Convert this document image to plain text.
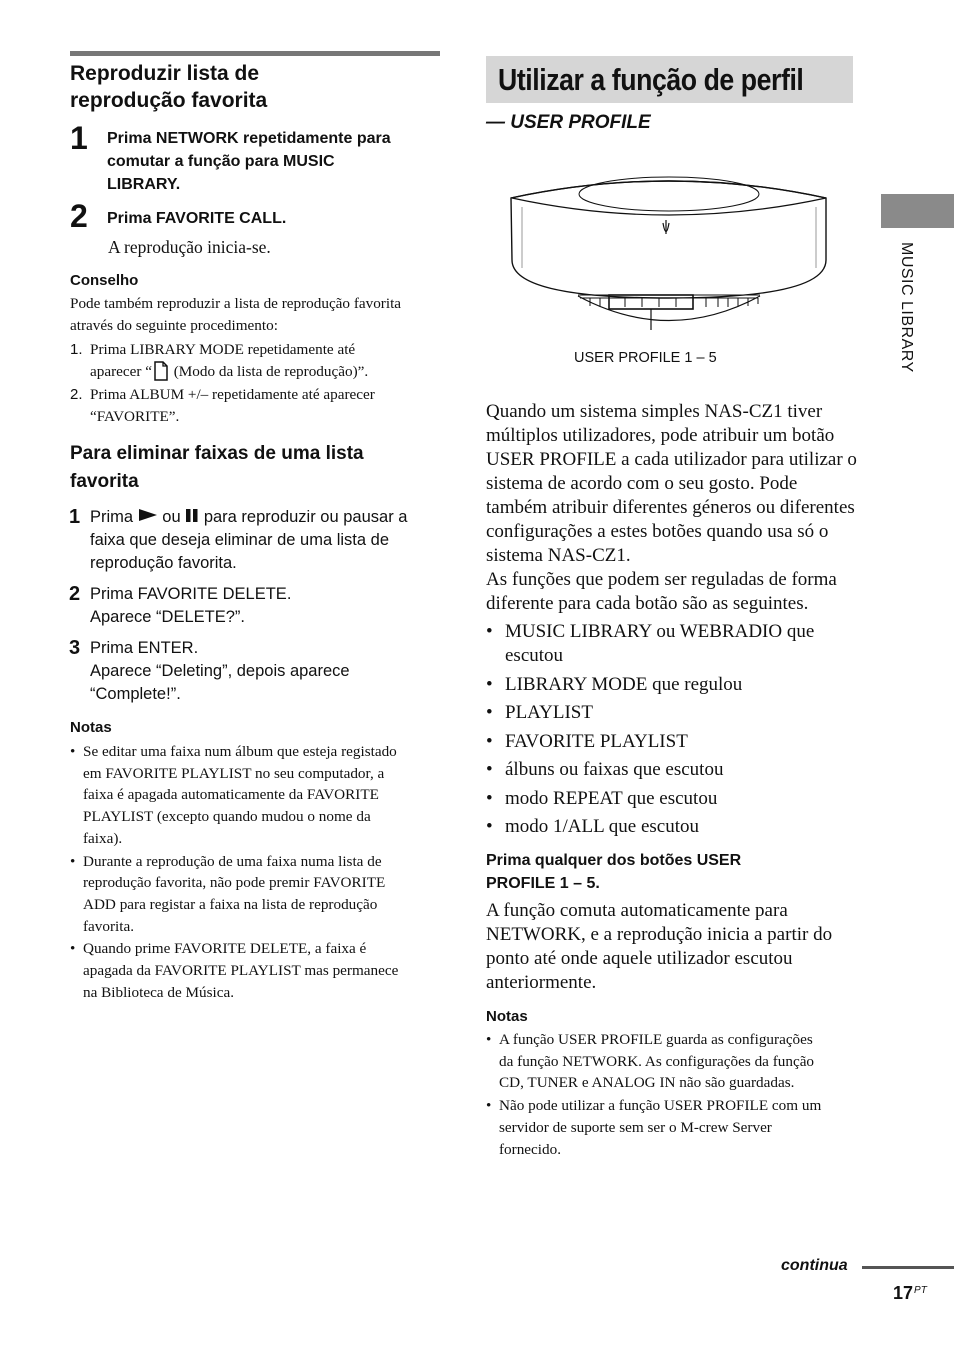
Reproduzir lista de
reprodução favorita
1 Prima NETWORK repetidamente para
comutar a função para MUSIC
LIBRARY.
2 Prima FAVORITE CALL.
A reprodução inicia-se.
Conselho
Pode também reproduzir a lista de reprodução favorita
através do seguinte procedimento:
1. Prima LIBRARY MODE repetidamente até
aparecer “ (Modo da lista de reprodução)”.
2. Prima ALBUM +/– repetidamente até aparecer
“FAVORITE”.
Para eliminar faixas de uma lista
favorita
1 Prima ou para reproduzir ou pausar a
faixa que deseja eliminar de uma lista de
reprodução favorita.
2 Prima FAVORITE DELETE.
Aparece “DELETE?”.
3 Prima ENTER.
Aparece “Deleting”, depois aparece
“Complete!”.
Notas
• Se editar uma faixa num álbum que esteja registado
em FAVORITE PLAYLIST no seu computador, a
faixa é apagada automaticamente da FAVORITE
PLAYLIST (excepto quando mudou o nome da
faixa).
• Durante a reprodução de uma faixa numa lista de
reprodução favorita, não pode premir FAVORITE
ADD para registar a faixa na lista de reprodução
favorita.
• Quando prime FAVORITE DELETE, a faixa é
apagada da FAVORITE PLAYLIST mas permanece
na Biblioteca de Música.
Utilizar a função de perfil
— USER PROFILE
USER PROFILE 1 – 5
Quando um sistema simples NAS-CZ1 tiver
múltiplos utilizadores, pode atribuir um botão
USER PROFILE a cada utilizador para utilizar o
sistema de acordo com o seu gosto. Pode
também atribuir diferentes géneros ou diferentes
configurações a estes botões quando usa só o
sistema NAS-CZ1.
As funções que podem ser reguladas de forma
diferente para cada botão são as seguintes.
• MUSIC LIBRARY ou WEBRADIO que
escutou
• LIBRARY MODE que regulou
• PLAYLIST
• FAVORITE PLAYLIST
• álbuns ou faixas que escutou
• modo REPEAT que escutou
• modo 1/ALL que escutou
Prima qualquer dos botões USER
PROFILE 1 – 5.
A função comuta automaticamente para
NETWORK, e a reprodução inicia a partir do
ponto até onde aquele utilizador escutou
anteriormente.
Notas
• A função USER PROFILE guarda as configurações
da função NETWORK. As configurações da função
CD, TUNER e ANALOG IN não são guardadas.
• Não pode utilizar a função USER PROFILE com um
servidor de suporte sem ser o M-crew Server
fornecido.
MUSIC LIBRARY
continua
$17^{PT}$
